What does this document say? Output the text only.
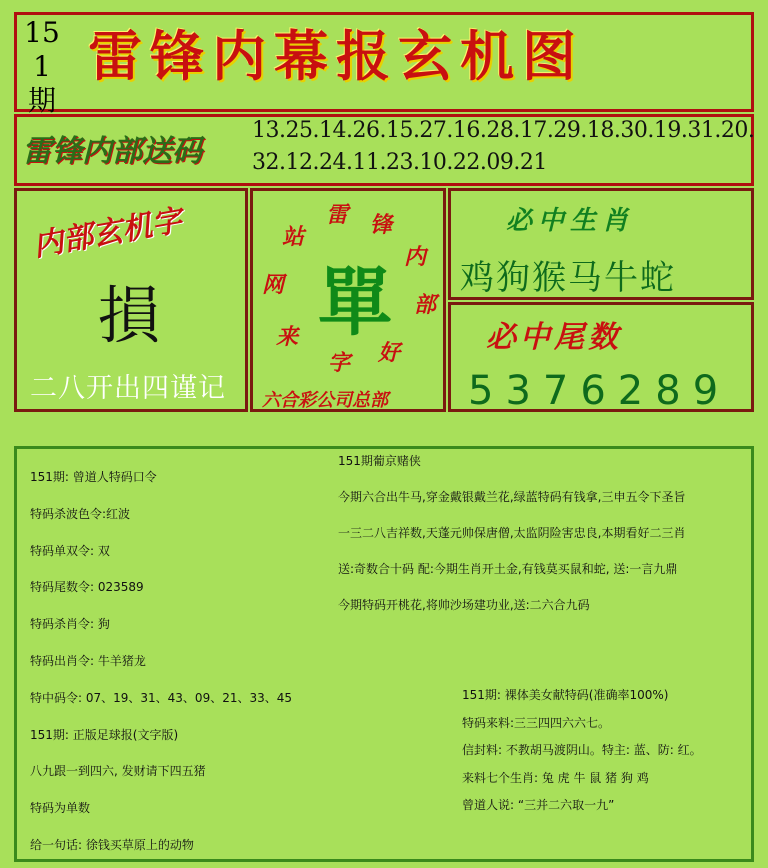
151期
雷锋内幕报玄机图
雷锋内部送码
13.25.14.26.15.27.16.28.17.29.18.30.19.31.20.
32.12.24.11.23.10.22.09.21
内部玄机字
損
二八开出四谨记
單
雷 锋
内
部
好
字
来
网
站
六合彩公司总部
必中生肖
鸡狗猴马牛蛇
必中尾数
5376289
151期: 曾道人特码口令
特码杀波色令:红波
特码单双令: 双
特码尾数令: 023589
特码杀肖令: 狗
特码出肖令: 牛羊猪龙
特中码令: 07、19、31、43、09、21、33、45
151期: 正版足球报(文字版)
八九跟一到四六, 发财请下四五猪
特码为单数
给一句话: 徐钱买草原上的动物
151期葡京赌侠
今期六合出牛马,穿金戴银戴兰花,绿蓝特码有钱拿,三申五令下圣旨
一三二八吉祥数,天蓬元帅保唐僧,太监阴险害忠良,本期看好二三肖
送:奇数合十码 配:今期生肖开土金,有钱莫买鼠和蛇, 送:一言九鼎
今期特码开桃花,将帅沙场建功业,送:二六合九码
151期: 裸体美女献特码(准确率100%)
特码来料:三三四四六六七。
信封料: 不教胡马渡阴山。特主: 蓝、防: 红。
来料七个生肖: 兔 虎 牛 鼠 猪 狗 鸡
曾道人说: “三并二六取一九”
